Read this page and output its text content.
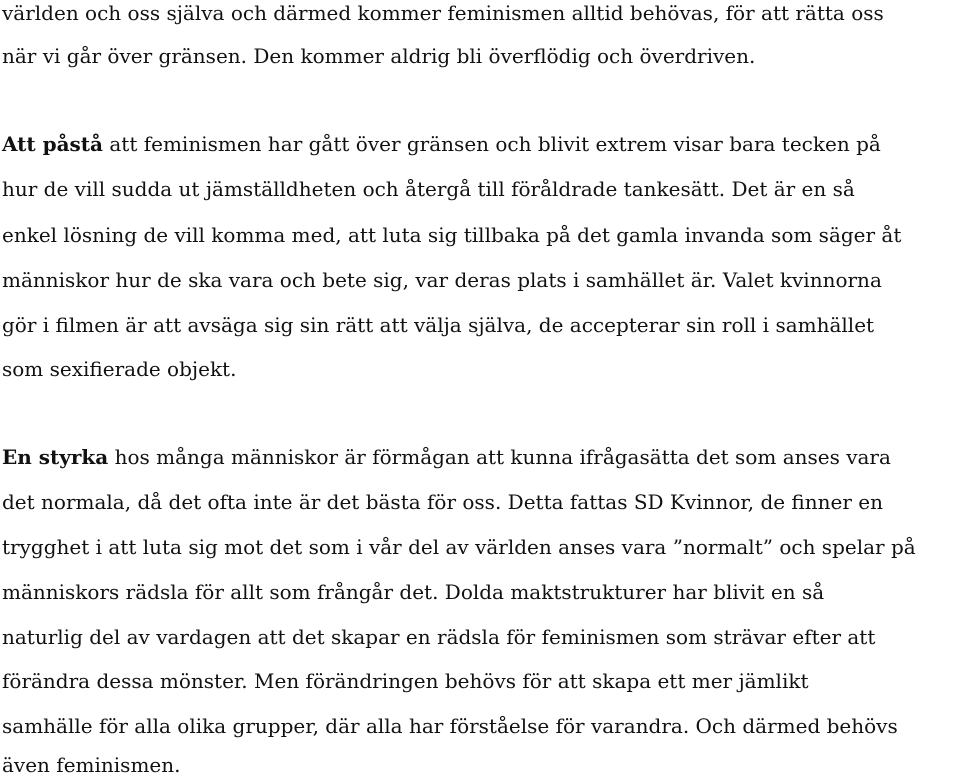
världen och oss själva och därmed kommer feminismen alltid behövas, för att rätta oss
när vi går över gränsen. Den kommer aldrig bli överflödig och överdriven.
Att påstå att feminismen har gått över gränsen och blivit extrem visar bara tecken på
hur de vill sudda ut jämställdheten och återgå till föråldrade tankesätt. Det är en så
enkel lösning de vill komma med, att luta sig tillbaka på det gamla invanda som säger åt
människor hur de ska vara och bete sig, var deras plats i samhället är. Valet kvinnorna
gör i filmen är att avsäga sig sin rätt att välja själva, de accepterar sin roll i samhället
som sexifierade objekt.
En styrka hos många människor är förmågan att kunna ifrågasätta det som anses vara
det normala, då det ofta inte är det bästa för oss. Detta fattas SD Kvinnor, de finner en
trygghet i att luta sig mot det som i vår del av världen anses vara ”normalt” och spelar på
människors rädsla för allt som frångår det. Dolda maktstrukturer har blivit en så
naturlig del av vardagen att det skapar en rädsla för feminismen som strävar efter att
förändra dessa mönster. Men förändringen behövs för att skapa ett mer jämlikt
samhälle för alla olika grupper, där alla har förståelse för varandra. Och därmed behövs
även feminismen.
